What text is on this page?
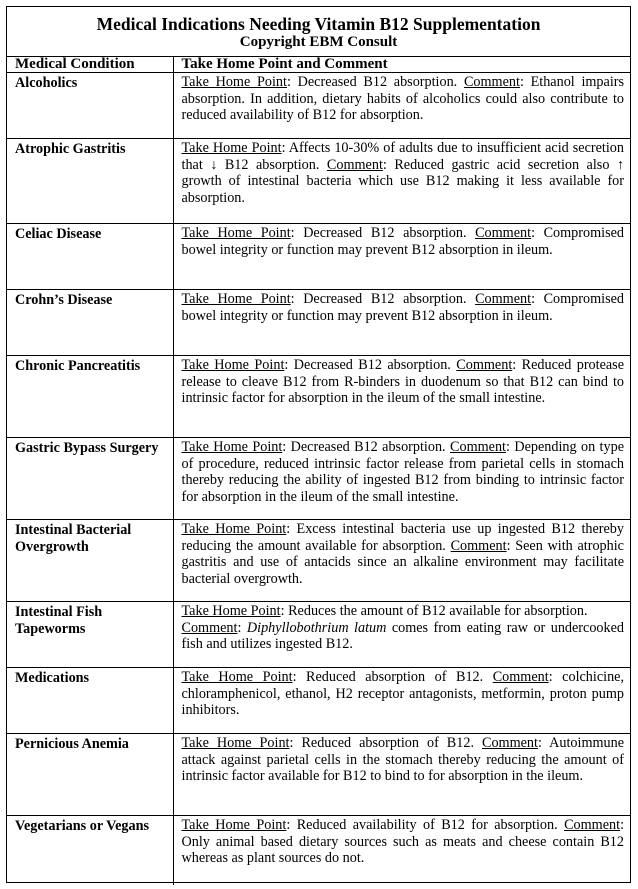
Medical Indications Needing Vitamin B12 Supplementation
Copyright EBM Consult
Medical Condition	Take Home Point and Comment
Alcoholics	Take Home Point: Decreased B12 absorption. Comment: Ethanol impairs absorption. In addition, dietary habits of alcoholics could also contribute to reduced availability of B12 for absorption.
Atrophic Gastritis	Take Home Point: Affects 10-30% of adults due to insufficient acid secretion that ↓ B12 absorption. Comment: Reduced gastric acid secretion also ↑ growth of intestinal bacteria which use B12 making it less available for absorption.
Celiac Disease	Take Home Point: Decreased B12 absorption. Comment: Compromised bowel integrity or function may prevent B12 absorption in ileum.
Crohn’s Disease	Take Home Point: Decreased B12 absorption. Comment: Compromised bowel integrity or function may prevent B12 absorption in ileum.
Chronic Pancreatitis	Take Home Point: Decreased B12 absorption. Comment: Reduced protease release to cleave B12 from R-binders in duodenum so that B12 can bind to intrinsic factor for absorption in the ileum of the small intestine.
Gastric Bypass Surgery	Take Home Point: Decreased B12 absorption. Comment: Depending on type of procedure, reduced intrinsic factor release from parietal cells in stomach thereby reducing the ability of ingested B12 from binding to intrinsic factor for absorption in the ileum of the small intestine.
Intestinal Bacterial Overgrowth	Take Home Point: Excess intestinal bacteria use up ingested B12 thereby reducing the amount available for absorption. Comment: Seen with atrophic gastritis and use of antacids since an alkaline environment may facilitate bacterial overgrowth.
Intestinal Fish Tapeworms	Take Home Point: Reduces the amount of B12 available for absorption.
Comment: Diphyllobothrium latum comes from eating raw or undercooked fish and utilizes ingested B12.
Medications	Take Home Point: Reduced absorption of B12. Comment: colchicine, chloramphenicol, ethanol, H2 receptor antagonists, metformin, proton pump inhibitors.
Pernicious Anemia	Take Home Point: Reduced absorption of B12. Comment: Autoimmune attack against parietal cells in the stomach thereby reducing the amount of intrinsic factor available for B12 to bind to for absorption in the ileum.
Vegetarians or Vegans	Take Home Point: Reduced availability of B12 for absorption. Comment: Only animal based dietary sources such as meats and cheese contain B12 whereas as plant sources do not.
